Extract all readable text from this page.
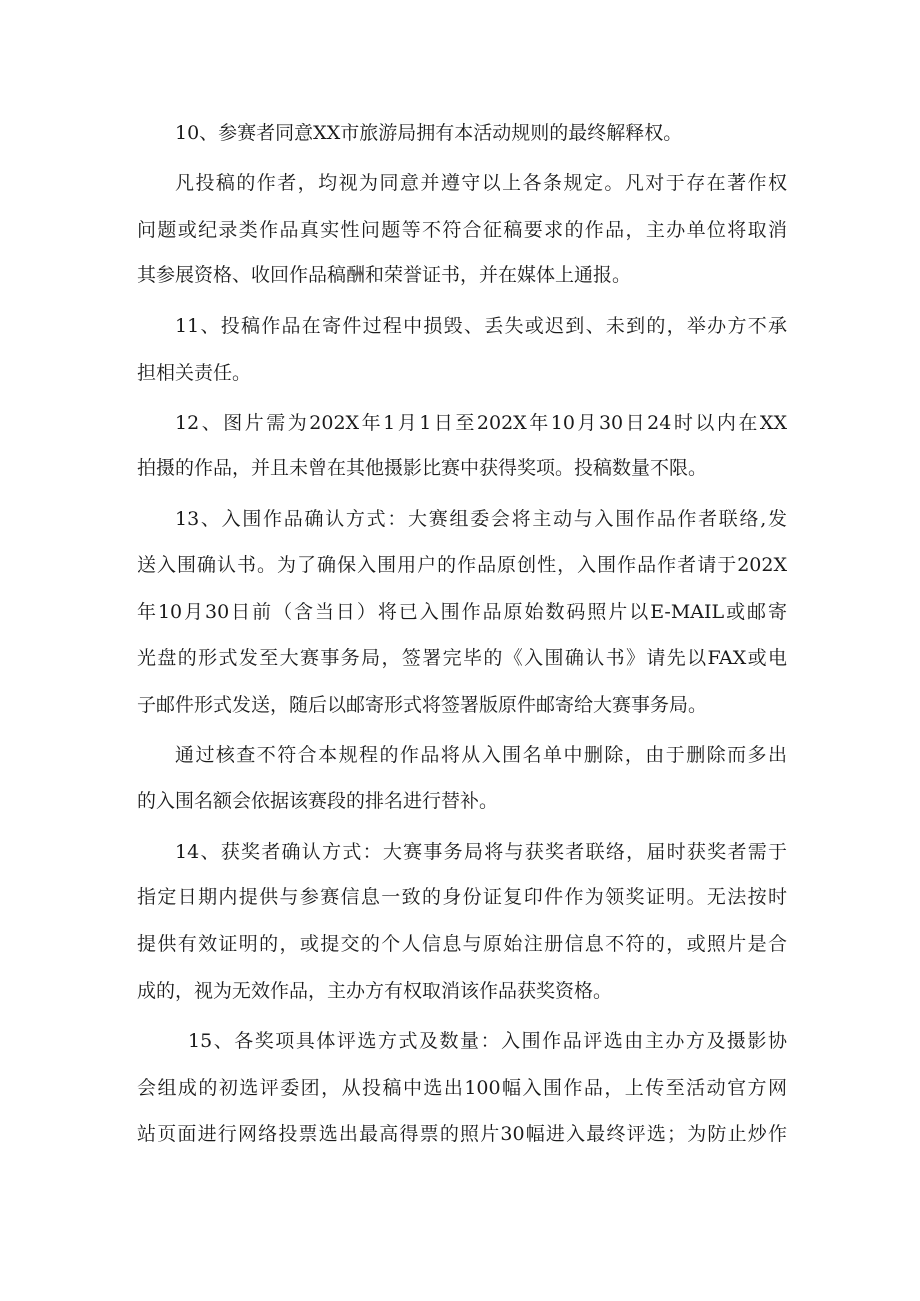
10、参赛者同意XX市旅游局拥有本活动规则的最终解释权。
凡投稿的作者，均视为同意并遵守以上各条规定。凡对于存在著作权
问题或纪录类作品真实性问题等不符合征稿要求的作品，主办单位将取消
其参展资格、收回作品稿酬和荣誉证书，并在媒体上通报。
11、投稿作品在寄件过程中损毁、丢失或迟到、未到的，举办方不承
担相关责任。
12、图片需为202X年1月1日至202X年10月30日24时以内在XX
拍摄的作品，并且未曾在其他摄影比赛中获得奖项。投稿数量不限。
13、入围作品确认方式：大赛组委会将主动与入围作品作者联络,发
送入围确认书。为了确保入围用户的作品原创性，入围作品作者请于202X
年10月30日前（含当日）将已入围作品原始数码照片以E-MAIL或邮寄
光盘的形式发至大赛事务局，签署完毕的《入围确认书》请先以FAX或电
子邮件形式发送，随后以邮寄形式将签署版原件邮寄给大赛事务局。
通过核查不符合本规程的作品将从入围名单中删除，由于删除而多出
的入围名额会依据该赛段的排名进行替补。
14、获奖者确认方式：大赛事务局将与获奖者联络，届时获奖者需于
指定日期内提供与参赛信息一致的身份证复印件作为领奖证明。无法按时
提供有效证明的，或提交的个人信息与原始注册信息不符的，或照片是合
成的，视为无效作品，主办方有权取消该作品获奖资格。
15、各奖项具体评选方式及数量：入围作品评选由主办方及摄影协
会组成的初选评委团，从投稿中选出100幅入围作品，上传至活动官方网
站页面进行网络投票选出最高得票的照片30幅进入最终评选；为防止炒作
